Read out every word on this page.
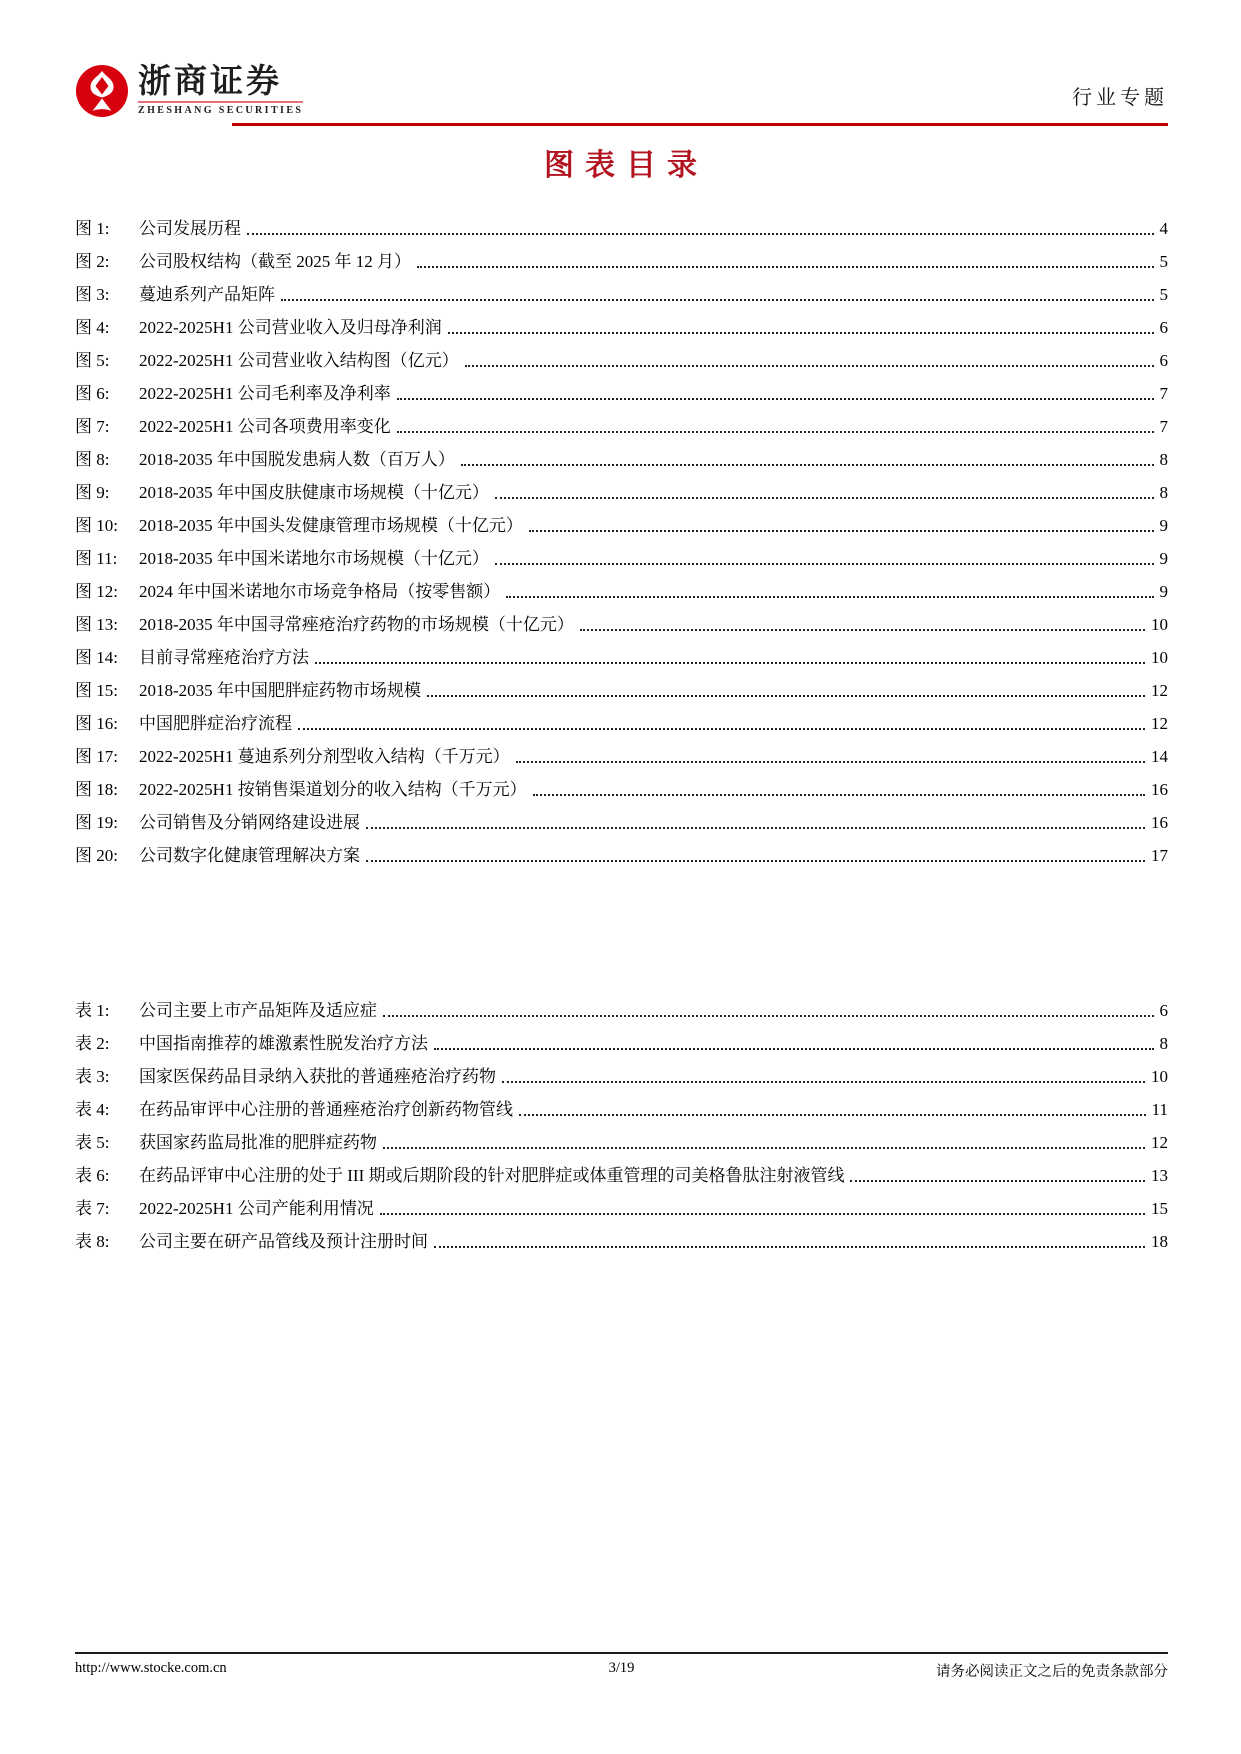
浙商证券
ZHESHANG SECURITIES
行业专题
图表目录
图 1:	公司发展历程	4
图 2:	公司股权结构（截至 2025 年 12 月）	5
图 3:	蔓迪系列产品矩阵	5
图 4:	2022-2025H1 公司营业收入及归母净利润	6
图 5:	2022-2025H1 公司营业收入结构图（亿元）	6
图 6:	2022-2025H1 公司毛利率及净利率	7
图 7:	2022-2025H1 公司各项费用率变化	7
图 8:	2018-2035 年中国脱发患病人数（百万人）	8
图 9:	2018-2035 年中国皮肤健康市场规模（十亿元）	8
图 10:	2018-2035 年中国头发健康管理市场规模（十亿元）	9
图 11:	2018-2035 年中国米诺地尔市场规模（十亿元）	9
图 12:	2024 年中国米诺地尔市场竞争格局（按零售额）	9
图 13:	2018-2035 年中国寻常痤疮治疗药物的市场规模（十亿元）	10
图 14:	目前寻常痤疮治疗方法	10
图 15:	2018-2035 年中国肥胖症药物市场规模	12
图 16:	中国肥胖症治疗流程	12
图 17:	2022-2025H1 蔓迪系列分剂型收入结构（千万元）	14
图 18:	2022-2025H1 按销售渠道划分的收入结构（千万元）	16
图 19:	公司销售及分销网络建设进展	16
图 20:	公司数字化健康管理解决方案	17
表 1:	公司主要上市产品矩阵及适应症	6
表 2:	中国指南推荐的雄激素性脱发治疗方法	8
表 3:	国家医保药品目录纳入获批的普通痤疮治疗药物	10
表 4:	在药品审评中心注册的普通痤疮治疗创新药物管线	11
表 5:	获国家药监局批准的肥胖症药物	12
表 6:	在药品评审中心注册的处于 III 期或后期阶段的针对肥胖症或体重管理的司美格鲁肽注射液管线	13
表 7:	2022-2025H1 公司产能利用情况	15
表 8:	公司主要在研产品管线及预计注册时间	18
http://www.stocke.com.cn	3/19	请务必阅读正文之后的免责条款部分
